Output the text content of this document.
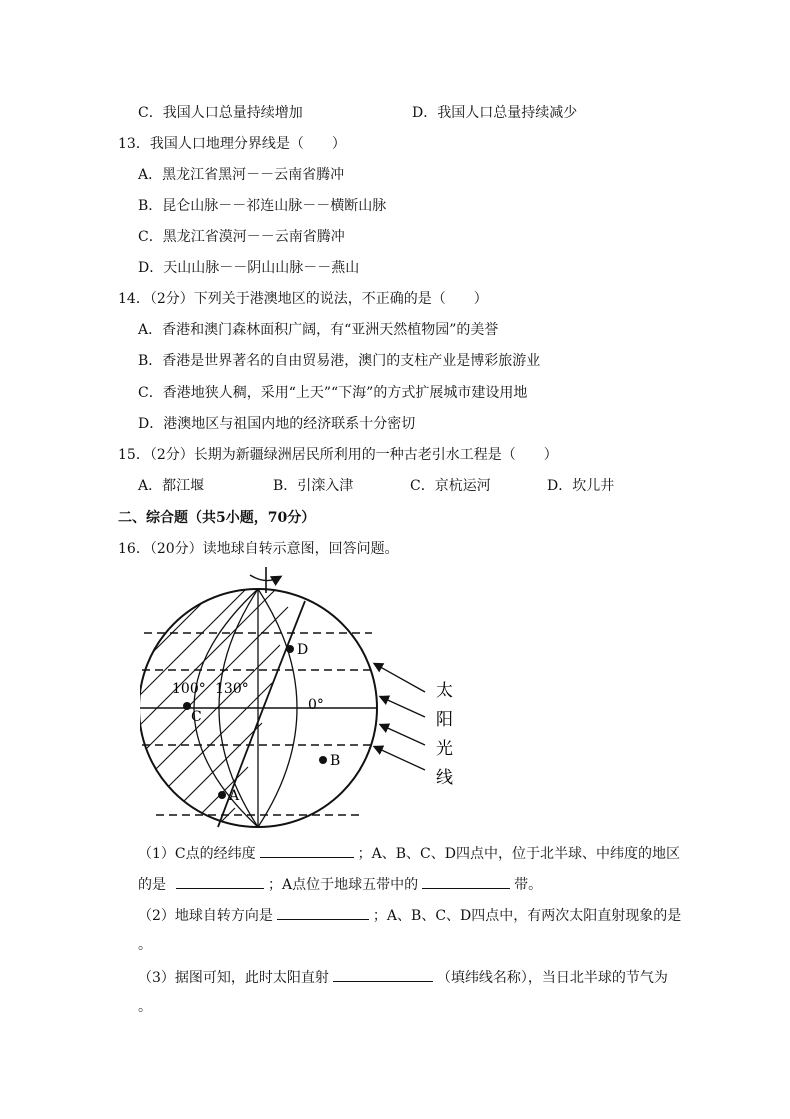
C．我国人口总量持续增加	D．我国人口总量持续减少
13．我国人口地理分界线是（　　）
A．黑龙江省黑河－－云南省腾冲
B．昆仑山脉－－祁连山脉－－横断山脉
C．黑龙江省漠河－－云南省腾冲
D．天山山脉－－阴山山脉－－燕山
14．（2分）下列关于港澳地区的说法，不正确的是（　　）
A．香港和澳门森林面积广阔，有“亚洲天然植物园”的美誉
B．香港是世界著名的自由贸易港，澳门的支柱产业是博彩旅游业
C．香港地狭人稠，采用“上天”“下海”的方式扩展城市建设用地
D．港澳地区与祖国内地的经济联系十分密切
15．（2分）长期为新疆绿洲居民所利用的一种古老引水工程是（　　）
A．都江堰	B．引滦入津	C．京杭运河	D．坎儿井
二、综合题（共5小题，70分）
16．（20分）读地球自转示意图，回答问题。
D
C
B
A
100° 130°
0°
太
阳
光
线
（1）C点的经纬度	；A、B、C、D四点中，位于北半球、中纬度的地区
的是	；A点位于地球五带中的	带。
（2）地球自转方向是	；A、B、C、D四点中，有两次太阳直射现象的是
。
（3）据图可知，此时太阳直射	（填纬线名称），当日北半球的节气为
。
